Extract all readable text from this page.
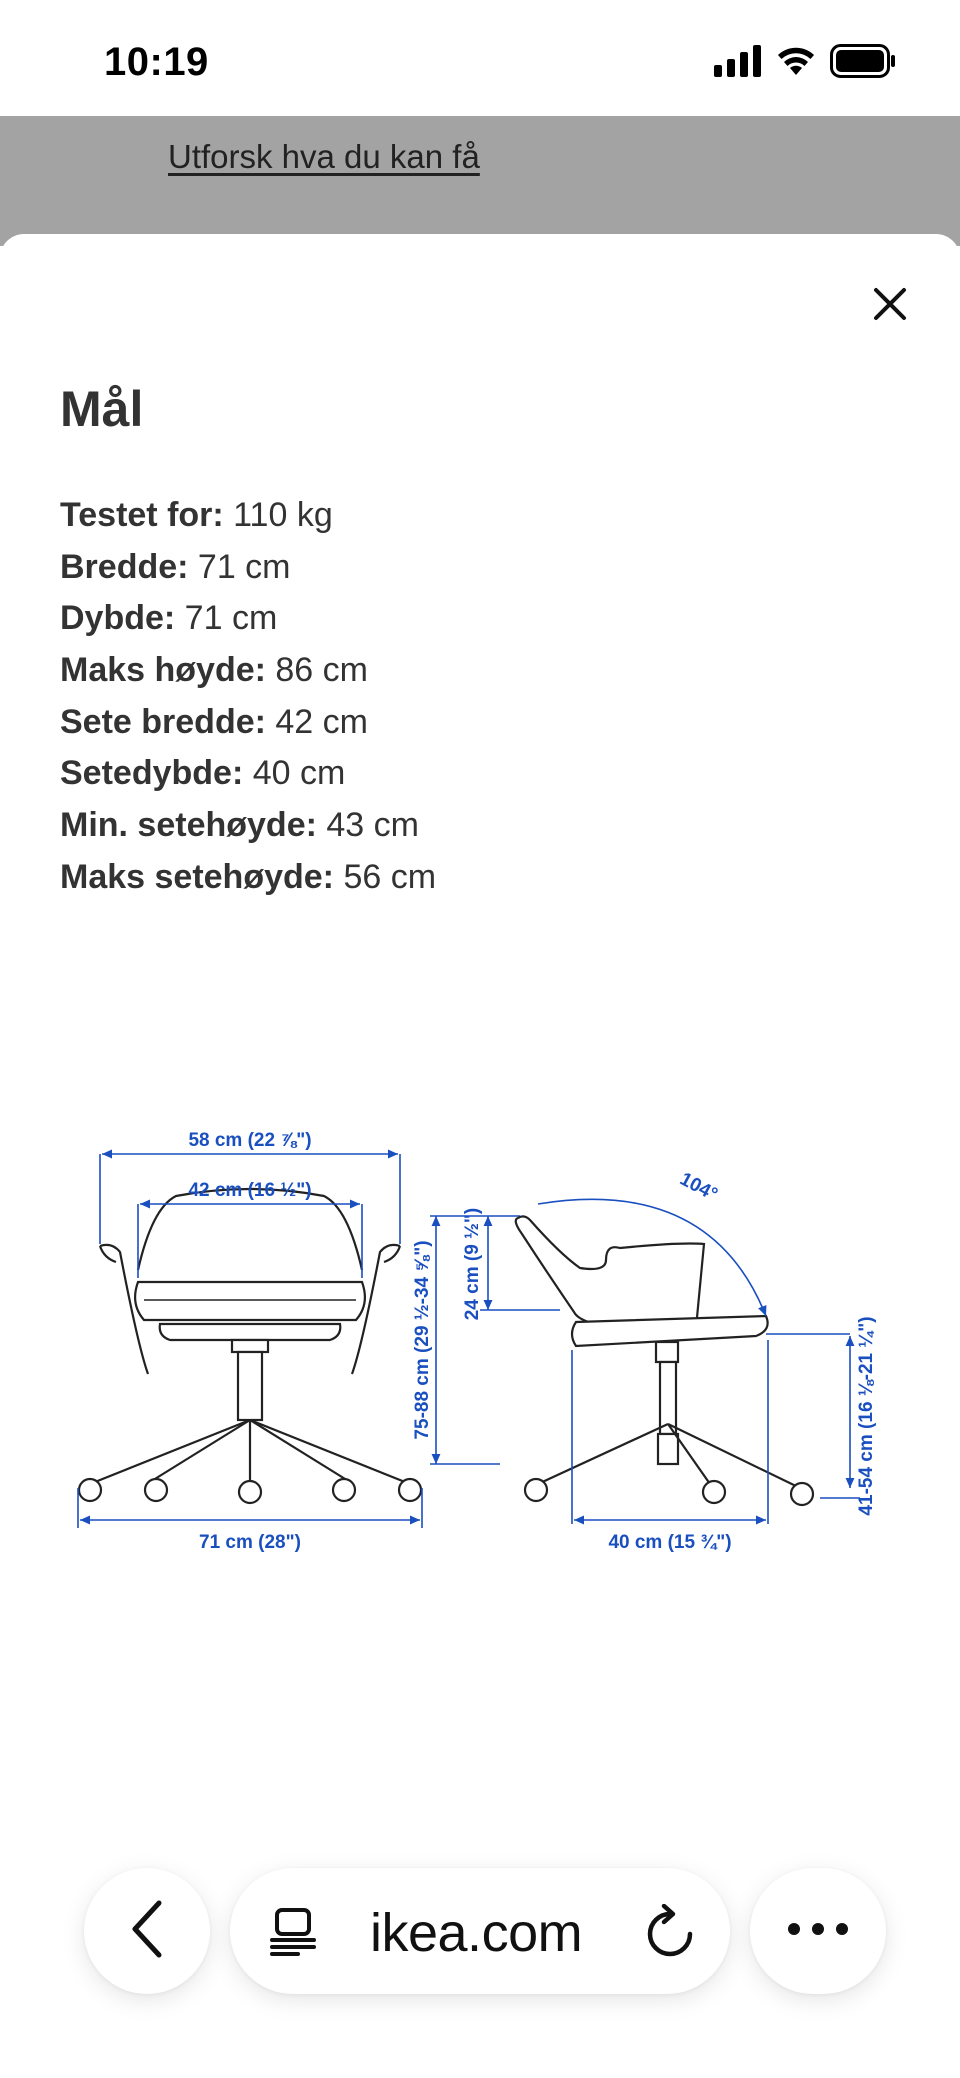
10:19
Utforsk hva du kan få
Mål
Testet for: 110 kg
Bredde: 71 cm
Dybde: 71 cm
Maks høyde: 86 cm
Sete bredde: 42 cm
Setedybde: 40 cm
Min. setehøyde: 43 cm
Maks setehøyde: 56 cm
58 cm (22 ⅞")
42 cm (16 ½")
71 cm (28")
75-88 cm (29 ½-34 ⅝") 24 cm (9 ½")
104°
41-54 cm (16 ⅛-21 ¼")
40 cm (15 ¾")
ikea.com
